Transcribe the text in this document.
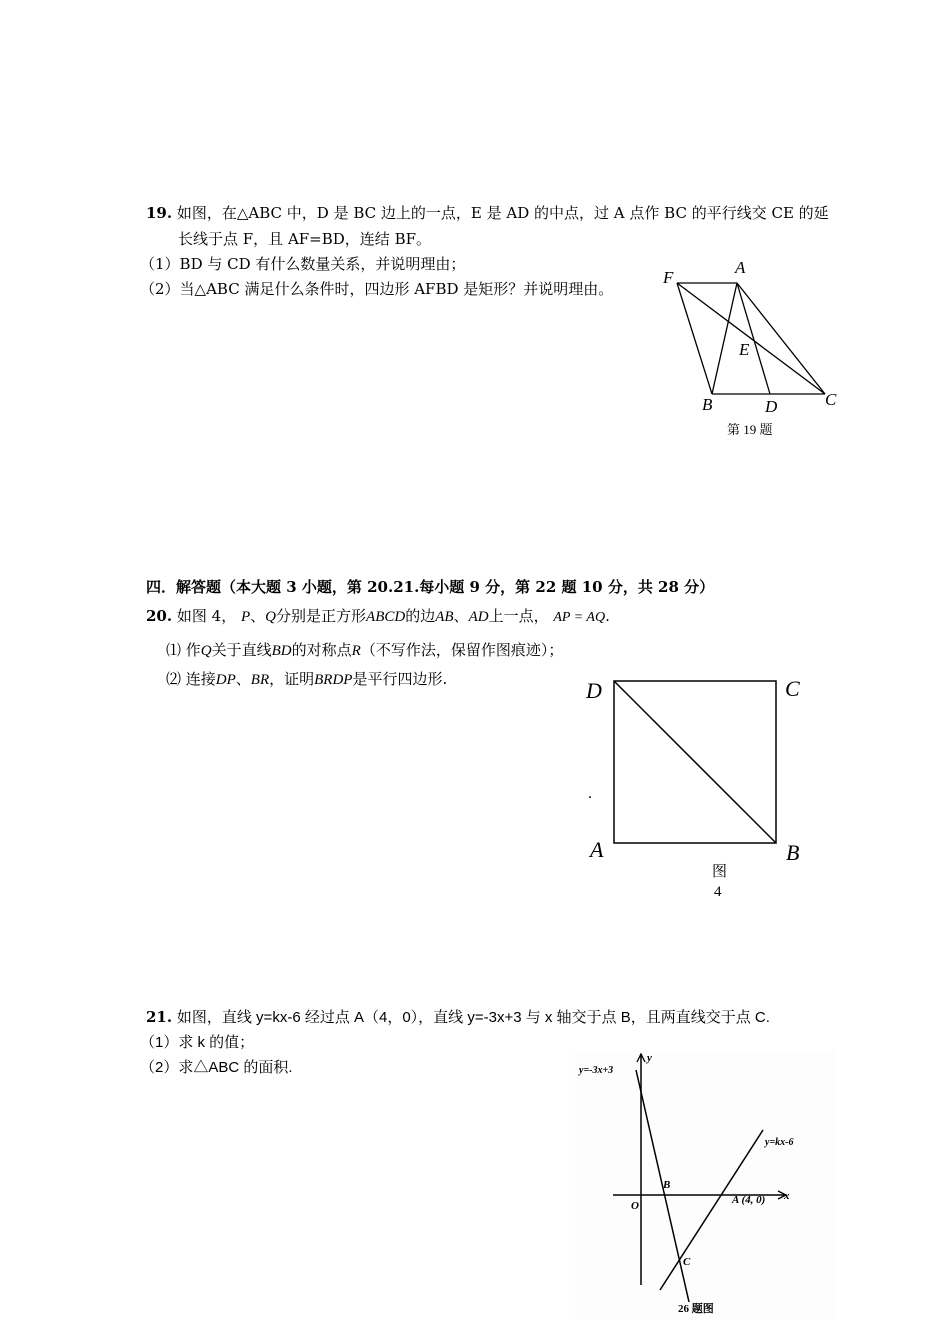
19. 如图，在△ABC 中，D 是 BC 边上的一点，E 是 AD 的中点，过 A 点作 BC 的平行线交 CE 的延
长线于点 F，且 AF=BD，连结 BF。
（1）BD 与 CD 有什么数量关系，并说明理由；
（2）当△ABC 满足什么条件时，四边形 AFBD 是矩形？并说明理由。
F
A
E
B	D	C
第 19 题
四．解答题（本大题 3 小题，第 20.21.每小题 9 分，第 22 题 10 分，共 28 分）
20. 如图 4， P、Q分别是正方形ABCD的边AB、AD上一点， AP = AQ.
⑴ 作Q关于直线BD的对称点R（不写作法，保留作图痕迹）；
⑵ 连接DP、BR，证明BRDP是平行四边形.	D	C
A	B
.
图
4
21. 如图，直线 y=kx-6 经过点 A（4，0），直线 y=-3x+3 与 x 轴交于点 B，且两直线交于点 C.
（1）求 k 的值；
（2）求△ABC 的面积.	y=-3x+3
y=kx-6
y
x
O
B
A (4, 0)
C
26 题图
